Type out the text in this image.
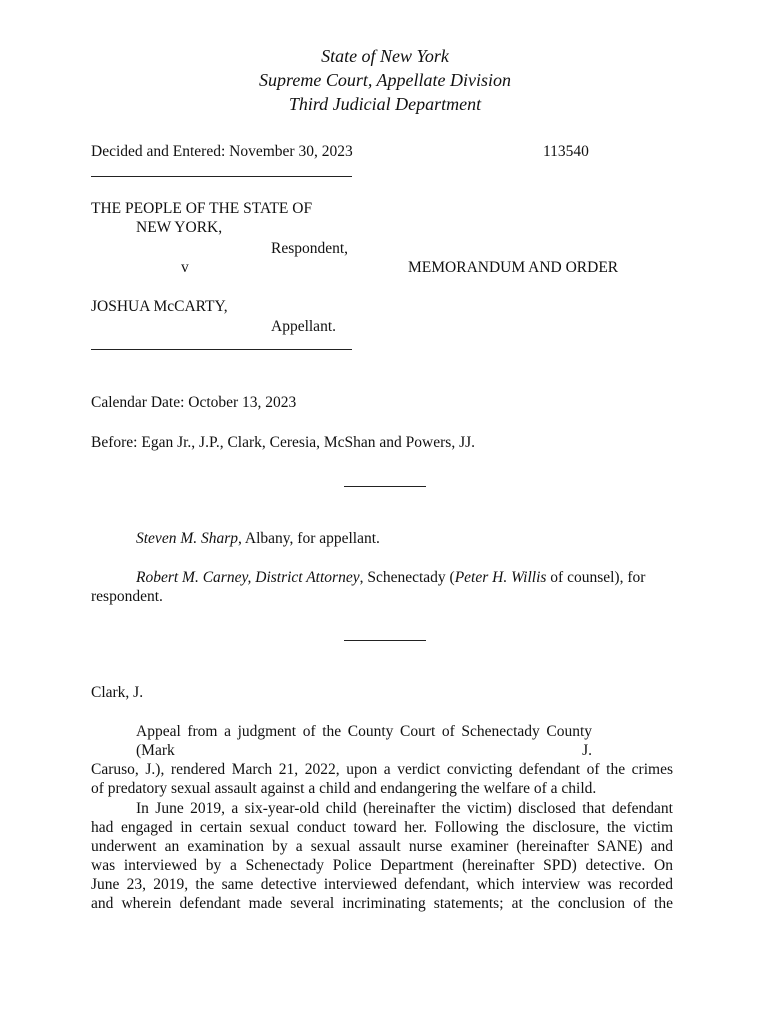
State of New York
Supreme Court, Appellate Division
Third Judicial Department
Decided and Entered: November 30, 2023	113540
THE PEOPLE OF THE STATE OF
NEW YORK,
Respondent,
v	MEMORANDUM AND ORDER
JOSHUA McCARTY,
Appellant.
Calendar Date: October 13, 2023
Before: Egan Jr., J.P., Clark, Ceresia, McShan and Powers, JJ.
Steven M. Sharp, Albany, for appellant.
Robert M. Carney, District Attorney, Schenectady (Peter H. Willis of counsel), for
respondent.
Clark, J.
Appeal from a judgment of the County Court of Schenectady County (Mark J.
Caruso, J.), rendered March 21, 2022, upon a verdict convicting defendant of the crimes
of predatory sexual assault against a child and endangering the welfare of a child.
In June 2019, a six-year-old child (hereinafter the victim) disclosed that defendant
had engaged in certain sexual conduct toward her. Following the disclosure, the victim
underwent an examination by a sexual assault nurse examiner (hereinafter SANE) and
was interviewed by a Schenectady Police Department (hereinafter SPD) detective. On
June 23, 2019, the same detective interviewed defendant, which interview was recorded
and wherein defendant made several incriminating statements; at the conclusion of the
